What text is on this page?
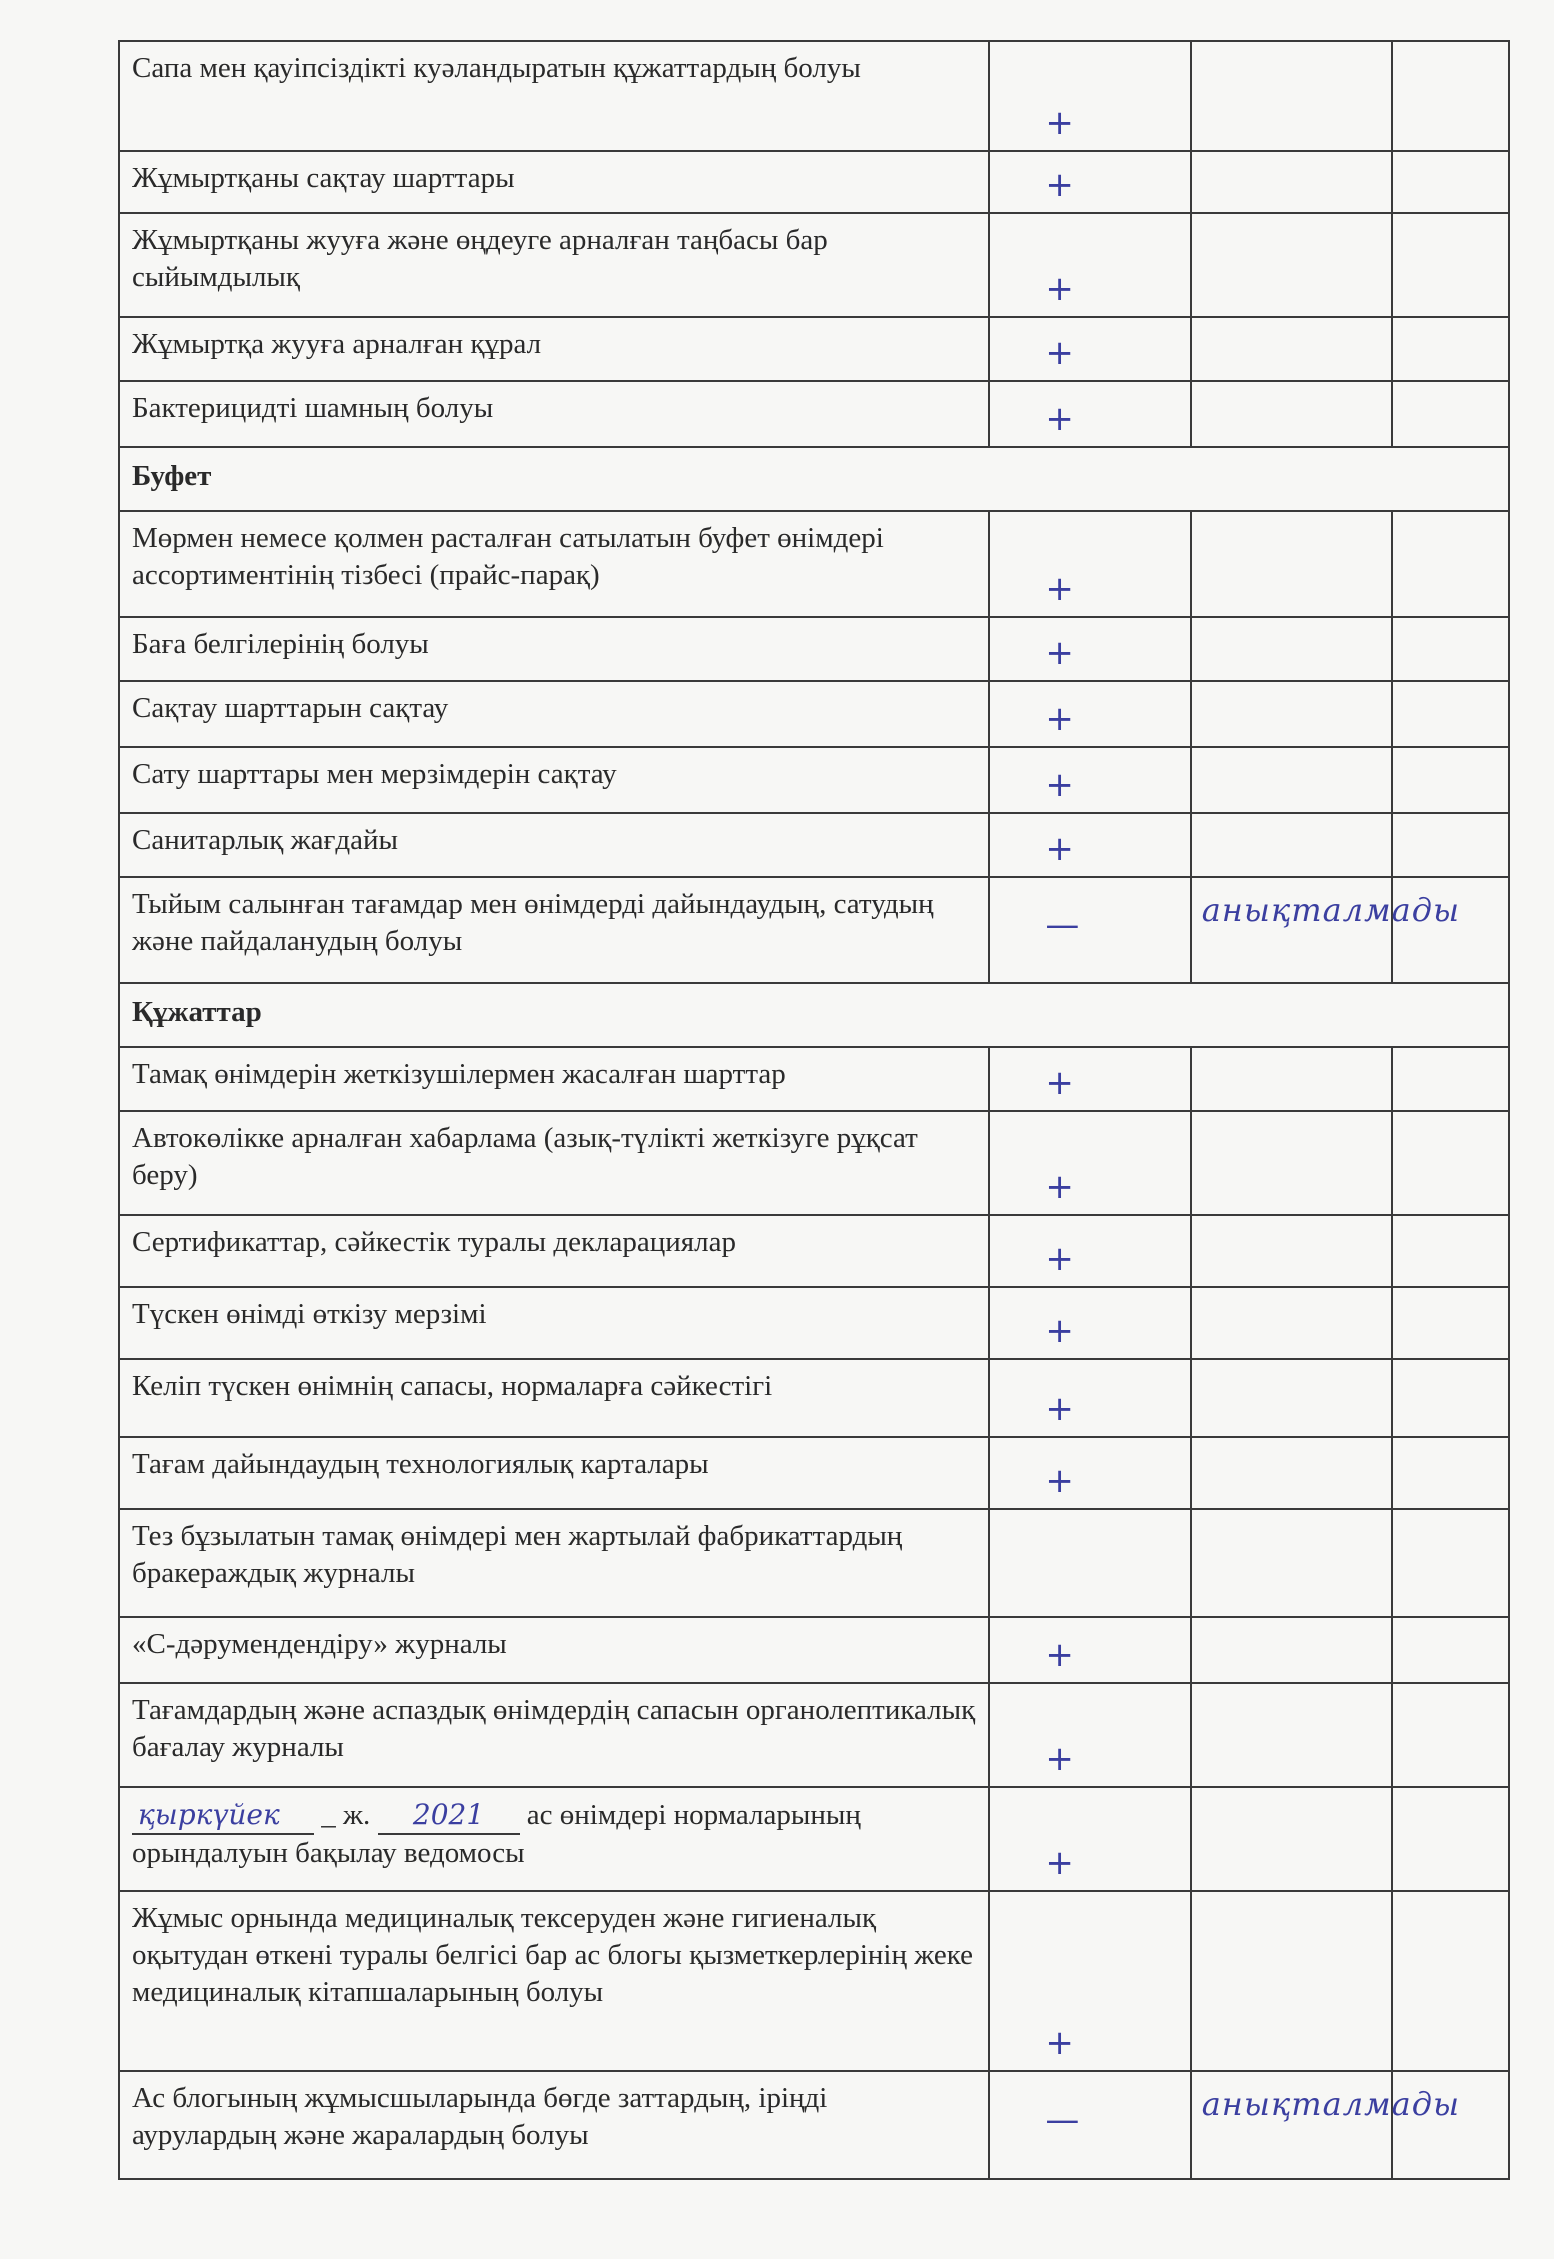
Сапа мен қауіпсіздікті куәландыратын құжаттардың болуы	+		

Жұмыртқаны сақтау шарттары	+		

Жұмыртқаны жууға және өңдеуге арналған таңбасы бар сыйымдылық	+		

Жұмыртқа жууға арналған құрал	+		

Бактерицидті шамның болуы	+		

Буфет			
Мөрмен немесе қолмен расталған сатылатын буфет өнімдері ассортиментінің тізбесі (прайс-парақ)	+		

Баға белгілерінің болуы	+		

Сақтау шарттарын сақтау	+		

Сату шарттары мен мерзімдерін сақтау	+		

Санитарлық жағдайы	+		

Тыйым салынған тағамдар мен өнімдерді дайындаудың, сатудың және пайдаланудың болуы	—	анықталмады	

Құжаттар			
Тамақ өнімдерін жеткізушілермен жасалған шарттар	+		

Автокөлікке арналған хабарлама (азық-түлікті жеткізуге рұқсат беру)	+		

Сертификаттар, сәйкестік туралы декларациялар	+		

Түскен өнімді өткізу мерзімі	+		

Келіп түскен өнімнің сапасы, нормаларға сәйкестігі	+		

Тағам дайындаудың технологиялық карталары	+		

Тез бұзылатын тамақ өнімдері мен жартылай фабрикаттардың бракераждық журналы			
«С-дәрумендендіру» журналы	+		

Тағамдардың және аспаздық өнімдердің сапасын органолептикалық бағалау журналы	+		

қыркүйек _ ж. 2021 ас өнімдері нормаларының орындалуын бақылау ведомосы	+		

Жұмыс орнында медициналық тексеруден және гигиеналық оқытудан өткені туралы белгісі бар ас блогы қызметкерлерінің жеке медициналық кітапшаларының болуы	+		

Ас блогының жұмысшыларында бөгде заттардың, іріңді аурулардың және жаралардың болуы	—	анықталмады	
